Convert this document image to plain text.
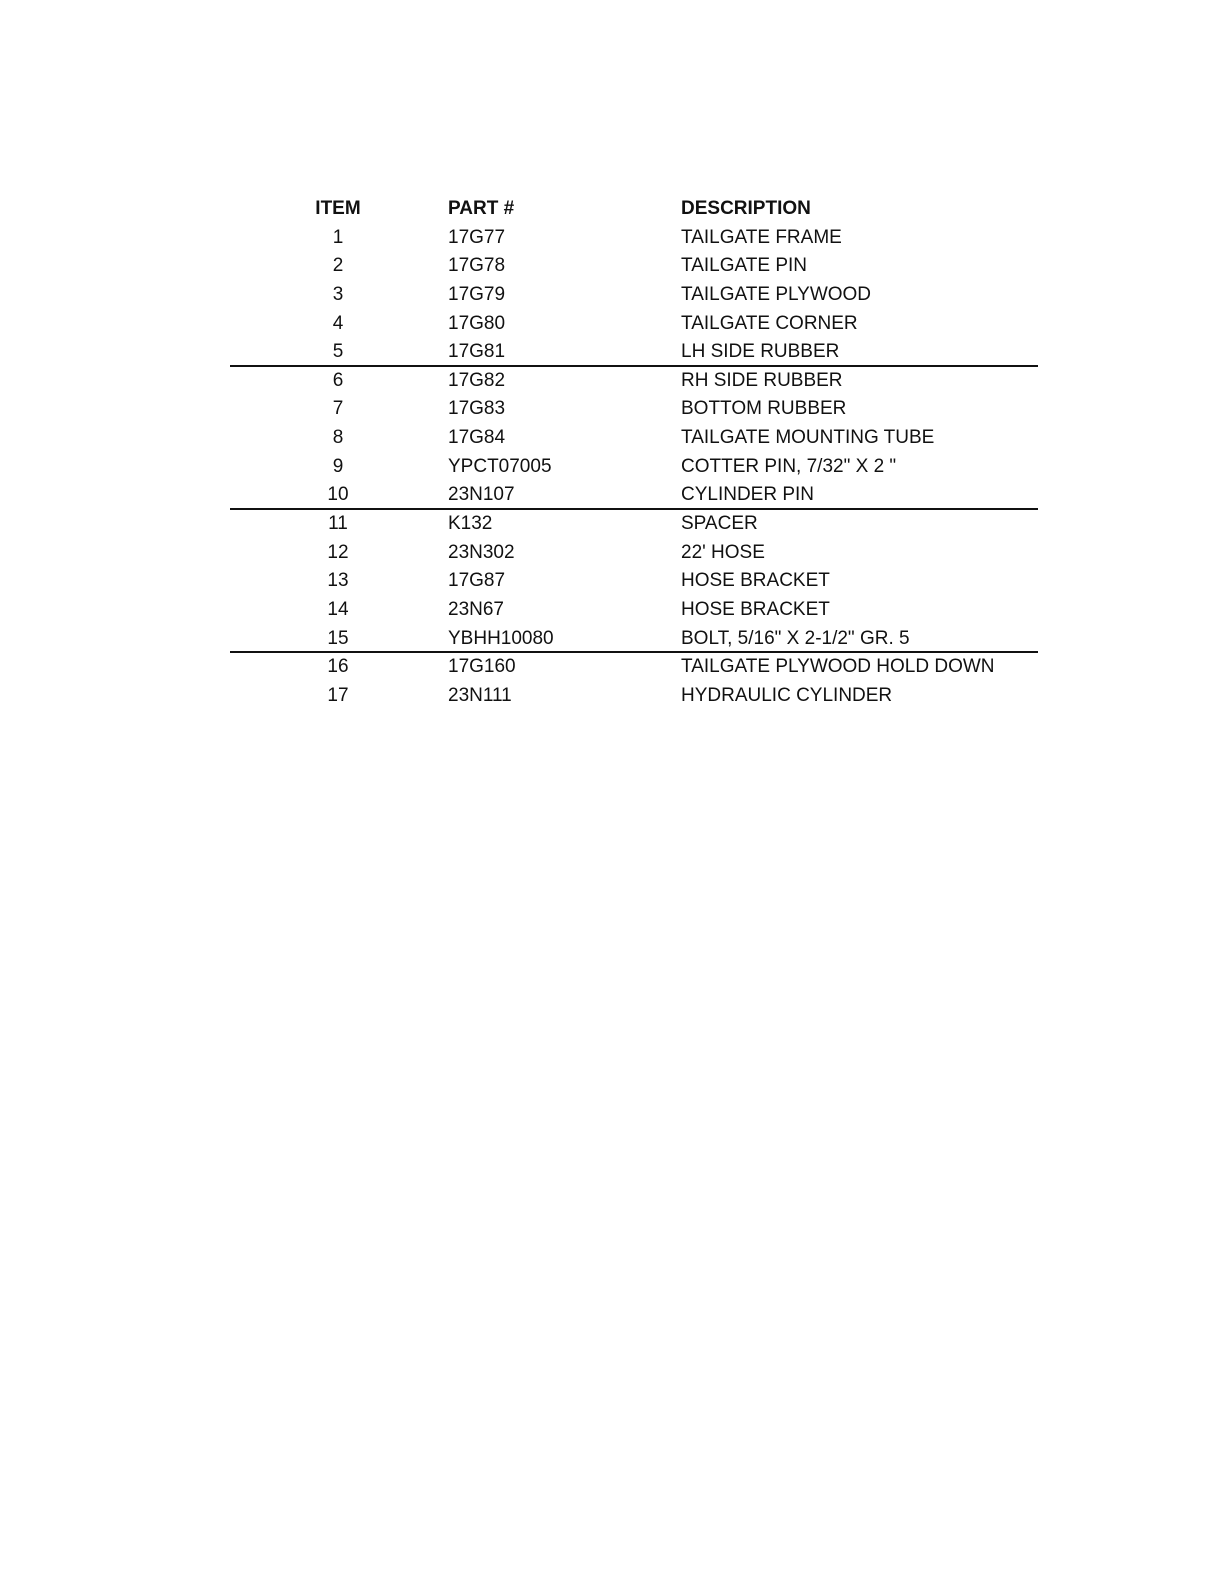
ITEM	PART #	DESCRIPTION
1	17G77	TAILGATE FRAME
2	17G78	TAILGATE PIN
3	17G79	TAILGATE PLYWOOD
4	17G80	TAILGATE CORNER
5	17G81	LH SIDE RUBBER
6	17G82	RH SIDE RUBBER
7	17G83	BOTTOM RUBBER
8	17G84	TAILGATE MOUNTING TUBE
9	YPCT07005	COTTER PIN, 7/32" X 2 "
10	23N107	CYLINDER PIN
11	K132	SPACER
12	23N302	22' HOSE
13	17G87	HOSE BRACKET
14	23N67	HOSE BRACKET
15	YBHH10080	BOLT, 5/16" X 2-1/2" GR. 5
16	17G160	TAILGATE PLYWOOD HOLD DOWN
17	23N111	HYDRAULIC CYLINDER
